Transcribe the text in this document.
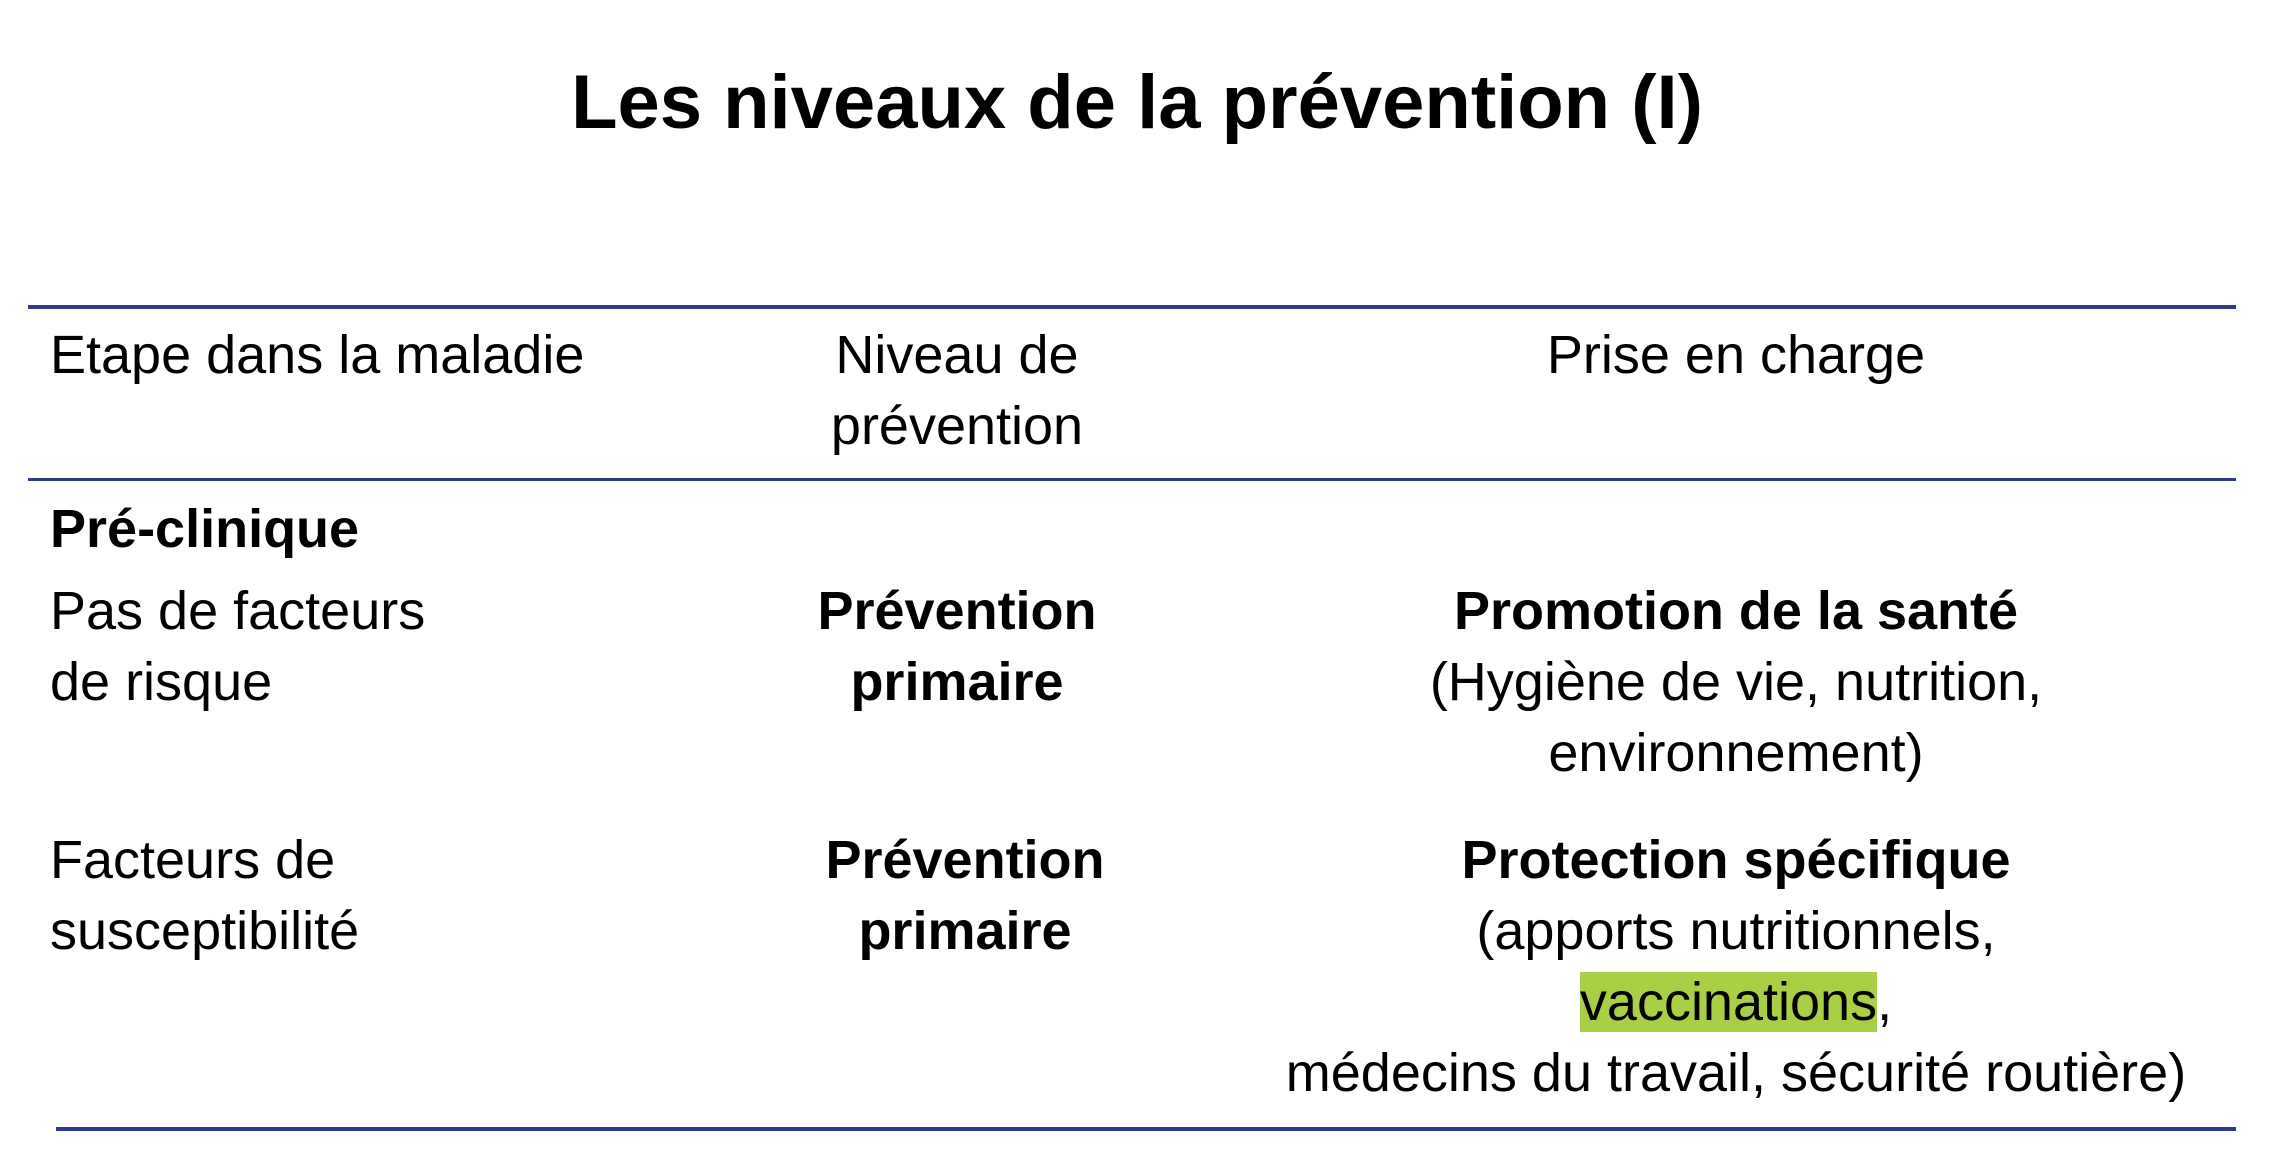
Les niveaux de la prévention (I)
Etape dans la maladie	Niveau de
prévention
Prise en charge
Pré-clinique
Pas de facteurs
de risque
Prévention
primaire
Promotion de la santé
(Hygiène de vie, nutrition,
environnement)
Facteurs de
susceptibilité
Prévention
primaire
Protection spécifique
(apports nutritionnels,
vaccinations,
médecins du travail, sécurité routière)
